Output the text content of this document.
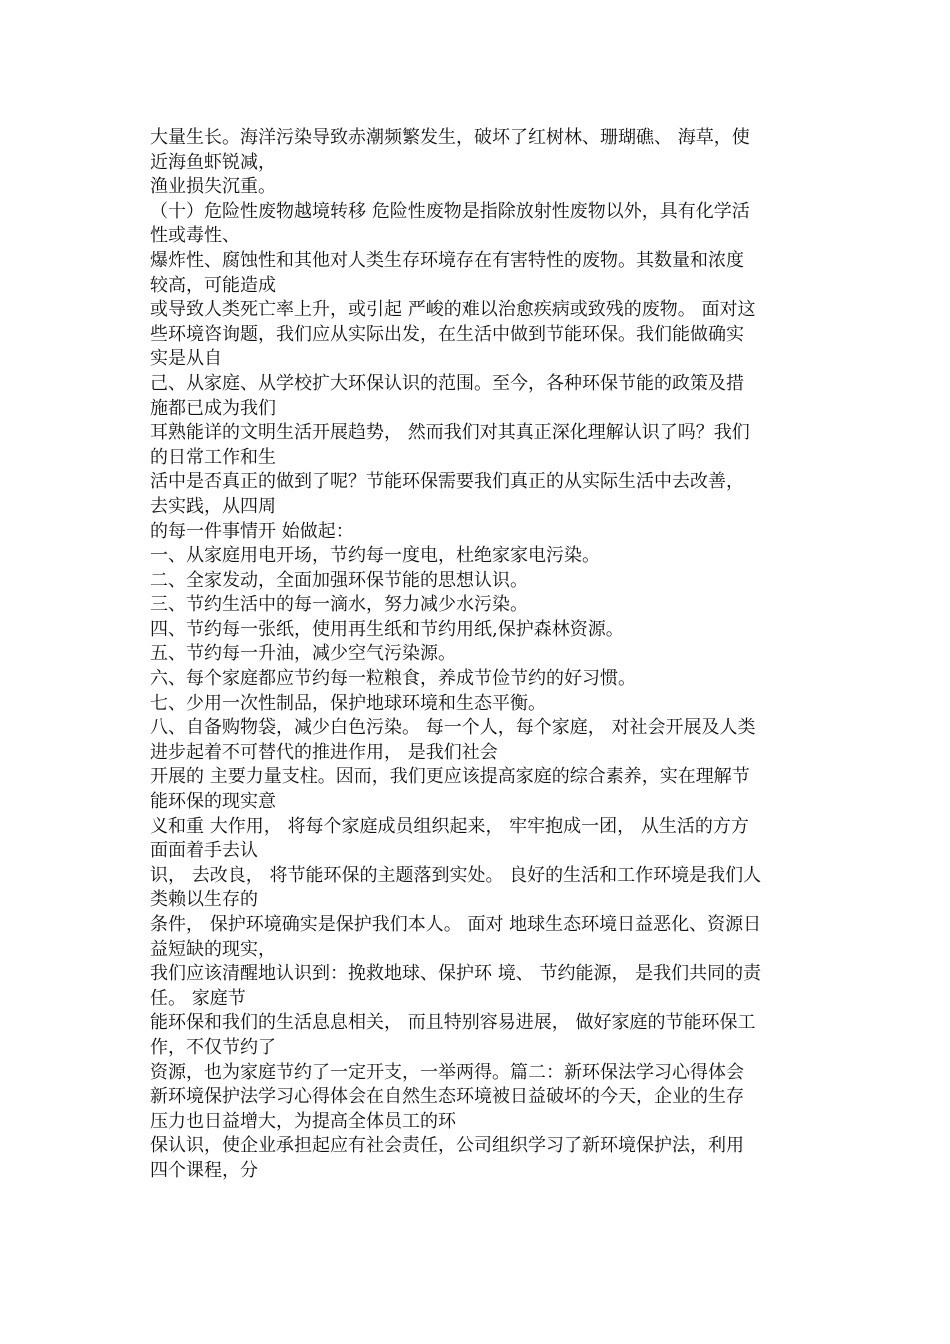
大量生长。海洋污染导致赤潮频繁发生，破坏了红树林、珊瑚礁、 海草，使
近海鱼虾锐减，
渔业损失沉重。
（十）危险性废物越境转移 危险性废物是指除放射性废物以外，具有化学活
性或毒性、
爆炸性、腐蚀性和其他对人类生存环境存在有害特性的废物。其数量和浓度
较高，可能造成
或导致人类死亡率上升，或引起 严峻的难以治愈疾病或致残的废物。 面对这
些环境咨询题，我们应从实际出发，在生活中做到节能环保。我们能做确实
实是从自
己、从家庭、从学校扩大环保认识的范围。至今，各种环保节能的政策及措
施都已成为我们
耳熟能详的文明生活开展趋势， 然而我们对其真正深化理解认识了吗？我们
的日常工作和生
活中是否真正的做到了呢？节能环保需要我们真正的从实际生活中去改善，
去实践，从四周
的每一件事情开 始做起：
一、从家庭用电开场，节约每一度电，杜绝家家电污染。
二、全家发动，全面加强环保节能的思想认识。
三、节约生活中的每一滴水，努力减少水污染。
四、节约每一张纸，使用再生纸和节约用纸,保护森林资源。
五、节约每一升油，减少空气污染源。
六、每个家庭都应节约每一粒粮食，养成节俭节约的好习惯。
七、少用一次性制品，保护地球环境和生态平衡。
八、自备购物袋，减少白色污染。 每一个人，每个家庭， 对社会开展及人类
进步起着不可替代的推进作用， 是我们社会
开展的 主要力量支柱。因而，我们更应该提高家庭的综合素养，实在理解节
能环保的现实意
义和重 大作用， 将每个家庭成员组织起来， 牢牢抱成一团， 从生活的方方
面面着手去认
识， 去改良， 将节能环保的主题落到实处。 良好的生活和工作环境是我们人
类赖以生存的
条件， 保护环境确实是保护我们本人。 面对 地球生态环境日益恶化、资源日
益短缺的现实，
我们应该清醒地认识到：挽救地球、保护环 境、 节约能源， 是我们共同的责
任。 家庭节
能环保和我们的生活息息相关， 而且特别容易进展， 做好家庭的节能环保工
作，不仅节约了
资源，也为家庭节约了一定开支，一举两得。篇二：新环保法学习心得体会
新环境保护法学习心得体会在自然生态环境被日益破坏的今天，企业的生存
压力也日益增大，为提高全体员工的环
保认识，使企业承担起应有社会责任，公司组织学习了新环境保护法，利用
四个课程，分
